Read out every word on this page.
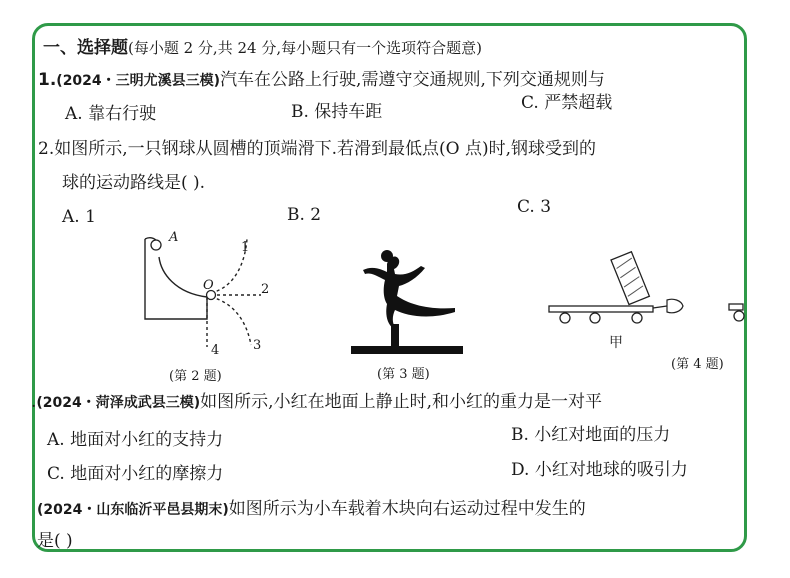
一、选择题(每小题 2 分,共 24 分,每小题只有一个选项符合题意)
1.(2024・三明尤溪县三模)汽车在公路上行驶,需遵守交通规则,下列交通规则与
A. 靠右行驶	B. 保持车距	C. 严禁超载
2.如图所示,一只钢球从圆槽的顶端滑下.若滑到最低点(O 点)时,钢球受到的
球的运动路线是( ).
A. 1	B. 2	C. 3
A
O
1
2
3
4
(第 2 题)	(第 3 题)
甲
(第 4 题)
.(2024・菏泽成武县三模)如图所示,小红在地面上静止时,和小红的重力是一对平
A. 地面对小红的支持力	B. 小红对地面的压力
C. 地面对小红的摩擦力	D. 小红对地球的吸引力
(2024・山东临沂平邑县期末)如图所示为小车载着木块向右运动过程中发生的
是( )
